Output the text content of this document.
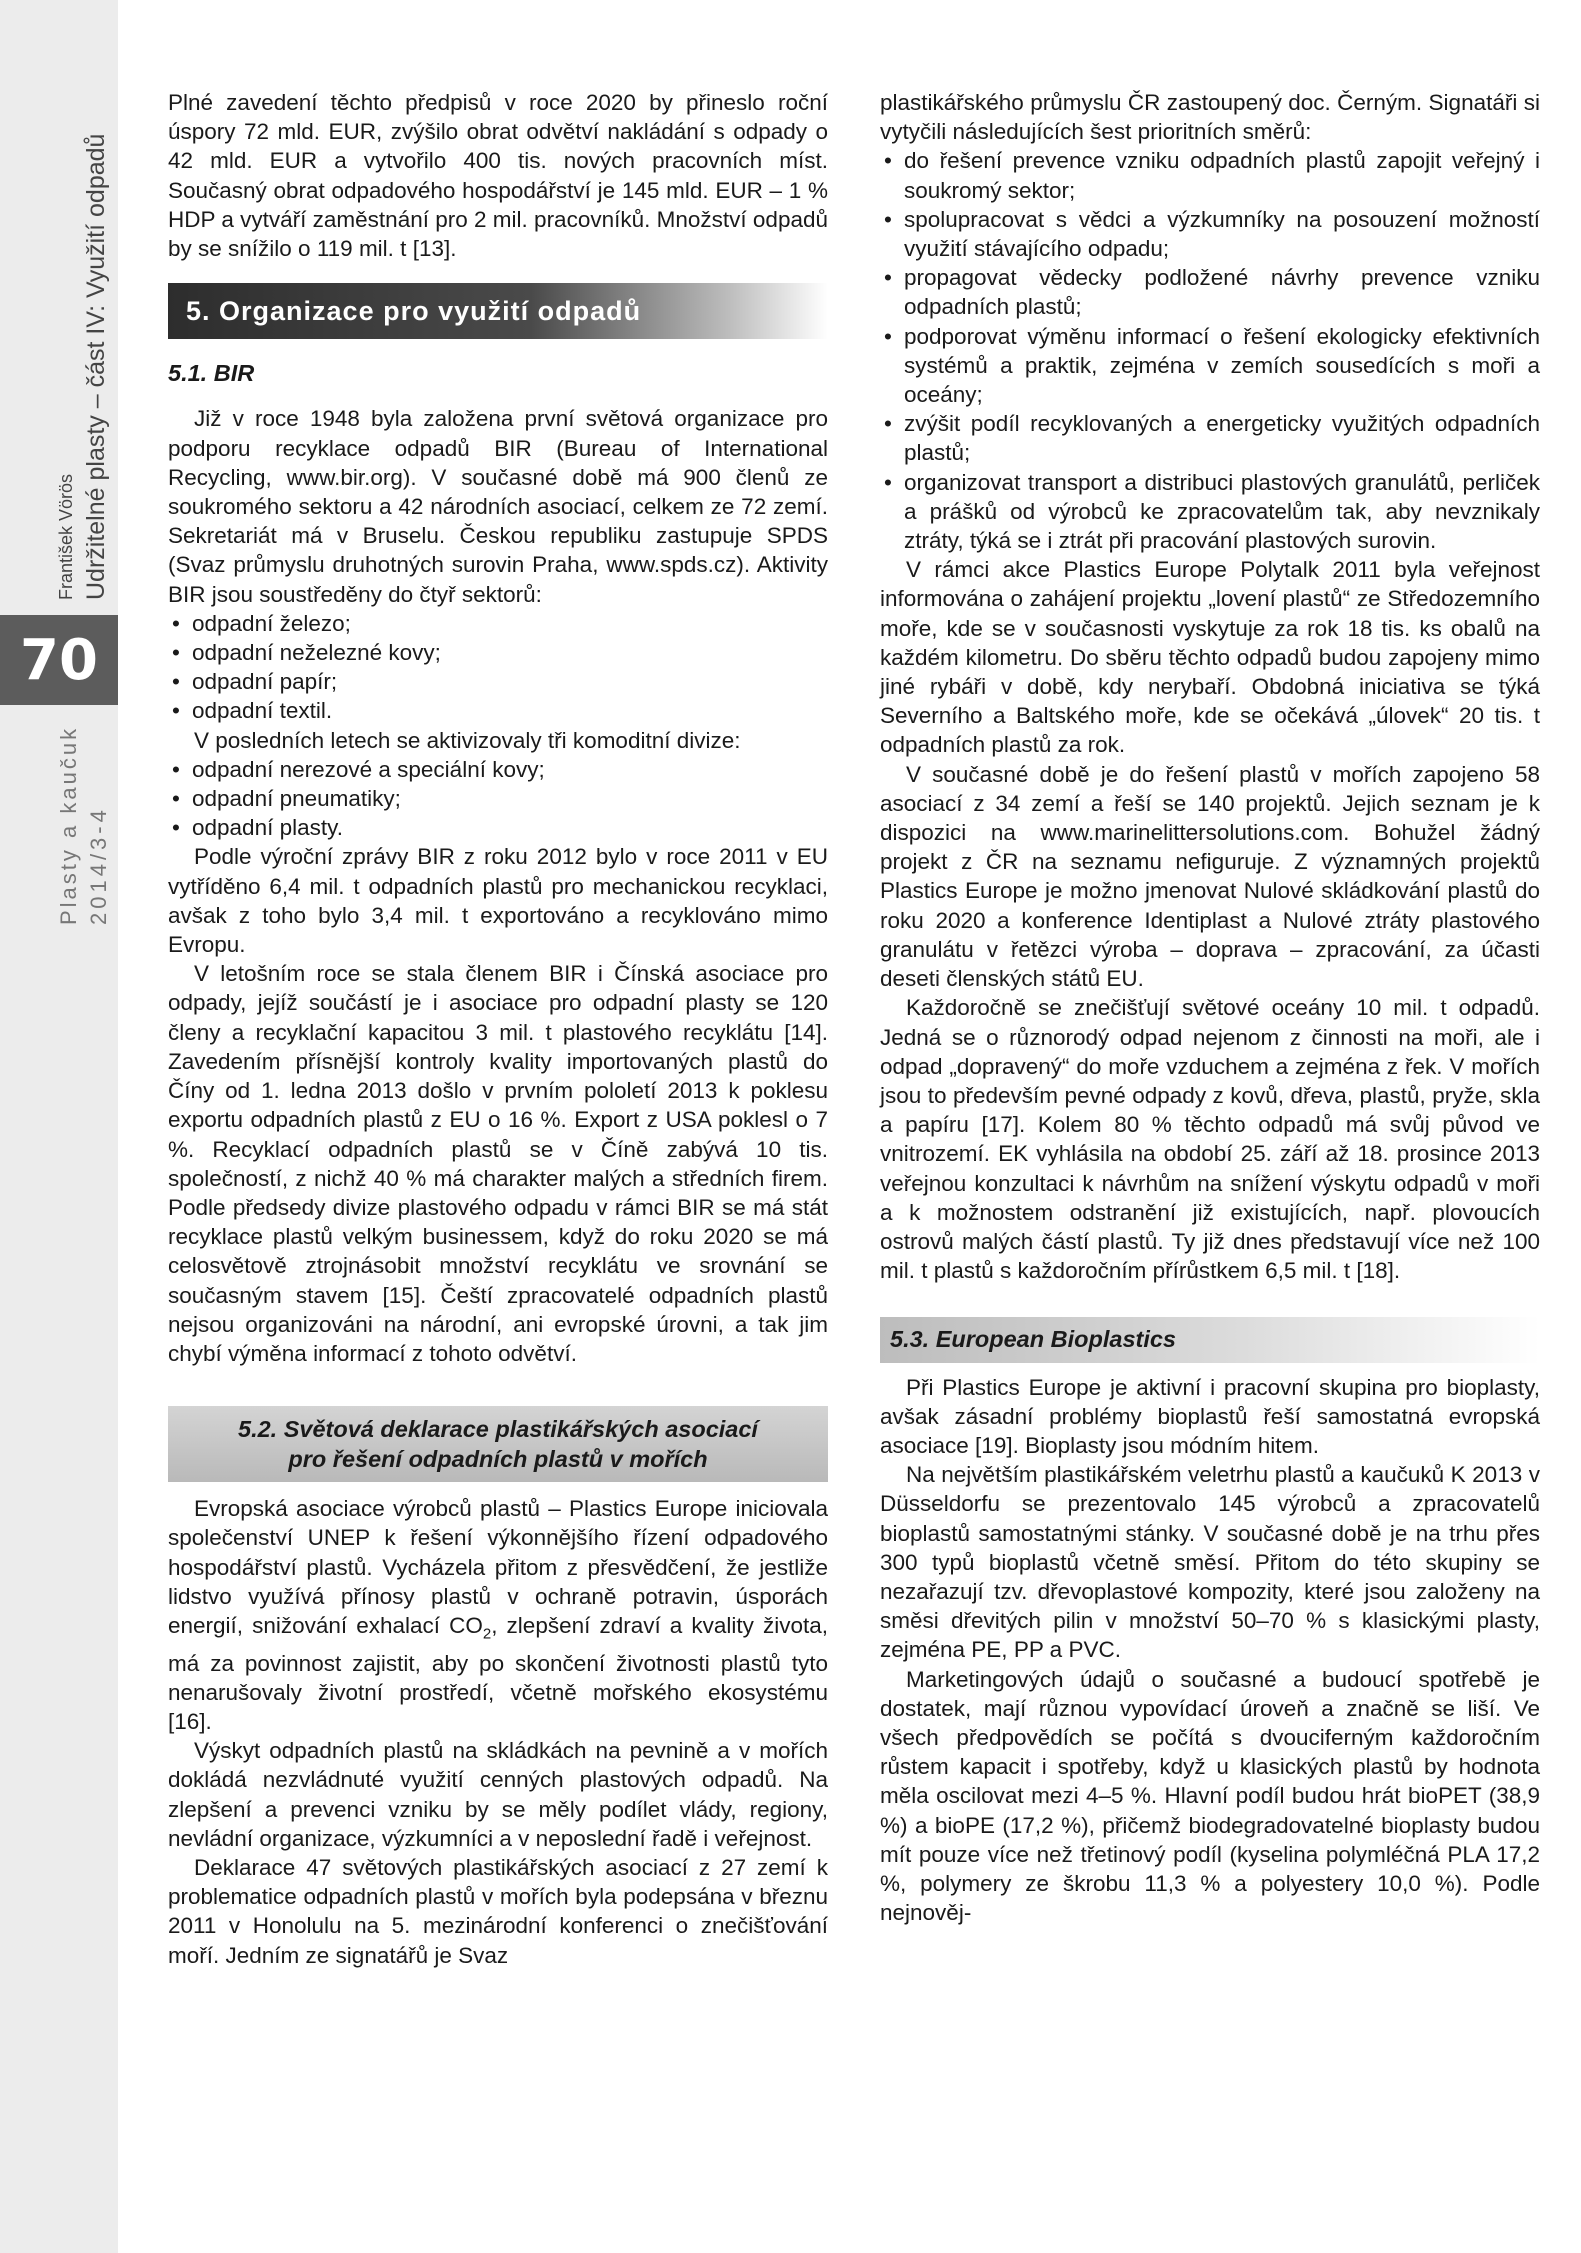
František Vörös Udržitelné plasty – část IV: Využití odpadů
70
Plasty a kaučuk 2014/3-4

Plné zavedení těchto předpisů v roce 2020 by přineslo roční úspory 72 mld. EUR, zvýšilo obrat odvětví nakládání s odpady o 42 mld. EUR a vytvořilo 400 tis. nových pracovních míst. Současný obrat odpadového hospodářství je 145 mld. EUR – 1 % HDP a vytváří zaměstnání pro 2 mil. pracovníků. Množství odpadů by se snížilo o 119 mil. t [13].

5. Organizace pro využití odpadů
5.1. BIR

Již v roce 1948 byla založena první světová organizace pro podporu recyklace odpadů BIR (Bureau of International Recycling, www.bir.org). V současné době má 900 členů ze soukromého sektoru a 42 národních asociací, celkem ze 72 zemí. Sekretariát má v Bruselu. Českou republiku zastupuje SPDS (Svaz průmyslu druhotných surovin Praha, www.spds.cz). Aktivity BIR jsou soustředěny do čtyř sektorů:

• odpadní železo;
• odpadní neželezné kovy;
• odpadní papír;
• odpadní textil.

V posledních letech se aktivizovaly tři komoditní divize:

• odpadní nerezové a speciální kovy;
• odpadní pneumatiky;
• odpadní plasty.

Podle výroční zprávy BIR z roku 2012 bylo v roce 2011 v EU vytříděno 6,4 mil. t odpadních plastů pro mechanickou recyklaci, avšak z toho bylo 3,4 mil. t exportováno a recyklováno mimo Evropu.

V letošním roce se stala členem BIR i Čínská asociace pro odpady, jejíž součástí je i asociace pro odpadní plasty se 120 členy a recyklační kapacitou 3 mil. t plastového recyklátu [14]. Zavedením přísnější kontroly kvality importovaných plastů do Číny od 1. ledna 2013 došlo v prvním pololetí 2013 k poklesu exportu odpadních plastů z EU o 16 %. Export z USA poklesl o 7 %. Recyklací odpadních plastů se v Číně zabývá 10 tis. společností, z nichž 40 % má charakter malých a středních firem. Podle předsedy divize plastového odpadu v rámci BIR se má stát recyklace plastů velkým businessem, když do roku 2020 se má celosvětově ztrojnásobit množství recyklátu ve srovnání se současným stavem [15]. Čeští zpracovatelé odpadních plastů nejsou organizováni na národní, ani evropské úrovni, a tak jim chybí výměna informací z tohoto odvětví.

5.2. Světová deklarace plastikářských asociací
pro řešení odpadních plastů v mořích

Evropská asociace výrobců plastů – Plastics Europe iniciovala společenství UNEP k řešení výkonnějšího řízení odpadového hospodářství plastů. Vycházela přitom z přesvědčení, že jestliže lidstvo využívá přínosy plastů v ochraně potravin, úsporách energií, snižování exhalací $CO_2$, zlepšení zdraví a kvality života, má za povinnost zajistit, aby po skončení životnosti plastů tyto nenarušovaly životní prostředí, včetně mořského ekosystému [16].

Výskyt odpadních plastů na skládkách na pevnině a v mořích dokládá nezvládnuté využití cenných plastových odpadů. Na zlepšení a prevenci vzniku by se měly podílet vlády, regiony, nevládní organizace, výzkumníci a v neposlední řadě i veřejnost.

Deklarace 47 světových plastikářských asociací z 27 zemí k problematice odpadních plastů v mořích byla podepsána v březnu 2011 v Honolulu na 5. mezinárodní konferenci o znečišťování moří. Jedním ze signatářů je Svaz

plastikářského průmyslu ČR zastoupený doc. Černým. Signatáři si vytyčili následujících šest prioritních směrů:

• do řešení prevence vzniku odpadních plastů zapojit veřejný i soukromý sektor;
• spolupracovat s vědci a výzkumníky na posouzení možností využití stávajícího odpadu;
• propagovat vědecky podložené návrhy prevence vzniku odpadních plastů;
• podporovat výměnu informací o řešení ekologicky efektivních systémů a praktik, zejména v zemích sousedících s moři a oceány;
• zvýšit podíl recyklovaných a energeticky využitých odpadních plastů;
• organizovat transport a distribuci plastových granulátů, perliček a prášků od výrobců ke zpracovatelům tak, aby nevznikaly ztráty, týká se i ztrát při pracování plastových surovin.

V rámci akce Plastics Europe Polytalk 2011 byla veřejnost informována o zahájení projektu „lovení plastů“ ze Středozemního moře, kde se v současnosti vyskytuje za rok 18 tis. ks obalů na každém kilometru. Do sběru těchto odpadů budou zapojeny mimo jiné rybáři v době, kdy nerybaří. Obdobná iniciativa se týká Severního a Baltského moře, kde se očekává „úlovek“ 20 tis. t odpadních plastů za rok.

V současné době je do řešení plastů v mořích zapojeno 58 asociací z 34 zemí a řeší se 140 projektů. Jejich seznam je k dispozici na www.marinelittersolutions.com. Bohužel žádný projekt z ČR na seznamu nefiguruje. Z významných projektů Plastics Europe je možno jmenovat Nulové skládkování plastů do roku 2020 a konference Identiplast a Nulové ztráty plastového granulátu v řetězci výroba – doprava – zpracování, za účasti deseti členských států EU.

Každoročně se znečišťují světové oceány 10 mil. t odpadů. Jedná se o různorodý odpad nejenom z činnosti na moři, ale i odpad „dopravený“ do moře vzduchem a zejména z řek. V mořích jsou to především pevné odpady z kovů, dřeva, plastů, pryže, skla a papíru [17]. Kolem 80 % těchto odpadů má svůj původ ve vnitrozemí. EK vyhlásila na období 25. září až 18. prosince 2013 veřejnou konzultaci k návrhům na snížení výskytu odpadů v moři a k možnostem odstranění již existujících, např. plovoucích ostrovů malých částí plastů. Ty již dnes představují více než 100 mil. t plastů s každoročním přírůstkem 6,5 mil. t [18].

5.3. European Bioplastics

Při Plastics Europe je aktivní i pracovní skupina pro bioplasty, avšak zásadní problémy bioplastů řeší samostatná evropská asociace [19]. Bioplasty jsou módním hitem.

Na největším plastikářském veletrhu plastů a kaučuků K 2013 v Düsseldorfu se prezentovalo 145 výrobců a zpracovatelů bioplastů samostatnými stánky. V současné době je na trhu přes 300 typů bioplastů včetně směsí. Přitom do této skupiny se nezařazují tzv. dřevoplastové kompozity, které jsou založeny na směsi dřevitých pilin v množství 50–70 % s klasickými plasty, zejména PE, PP a PVC.

Marketingových údajů o současné a budoucí spotřebě je dostatek, mají různou vypovídací úroveň a značně se liší. Ve všech předpovědích se počítá s dvouciferným každoročním růstem kapacit i spotřeby, když u klasických plastů by hodnota měla oscilovat mezi 4–5 %. Hlavní podíl budou hrát bioPET (38,9 %) a bioPE (17,2 %), přičemž biodegradovatelné bioplasty budou mít pouze více než třetinový podíl (kyselina polymléčná PLA 17,2 %, polymery ze škrobu 11,3 % a polyestery 10,0 %). Podle nejnověj-
